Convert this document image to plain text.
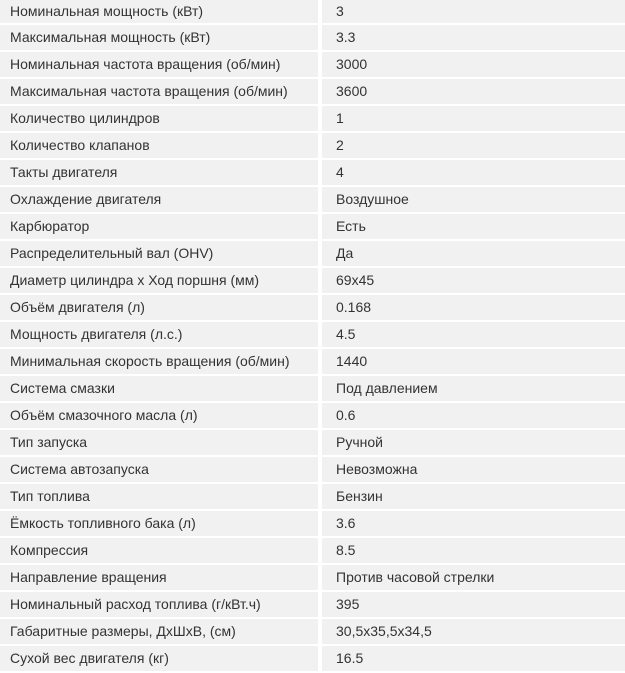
Номинальная мощность (кВт)	3
Максимальная мощность (кВт)	3.3
Номинальная частота вращения (об/мин)	3000
Максимальная частота вращения (об/мин)	3600
Количество цилиндров	1
Количество клапанов	2
Такты двигателя	4
Охлаждение двигателя	Воздушное
Карбюратор	Есть
Распределительный вал (OHV)	Да
Диаметр цилиндра х Ход поршня (мм)	69x45
Объём двигателя (л)	0.168
Мощность двигателя (л.с.)	4.5
Минимальная скорость вращения (об/мин)	1440
Система смазки	Под давлением
Объём смазочного масла (л)	0.6
Тип запуска	Ручной
Система автозапуска	Невозможна
Тип топлива	Бензин
Ёмкость топливного бака (л)	3.6
Компрессия	8.5
Направление вращения	Против часовой стрелки
Номинальный расход топлива (г/кВт.ч)	395
Габаритные размеры, ДхШхВ, (см)	30,5x35,5x34,5
Сухой вес двигателя (кг)	16.5
